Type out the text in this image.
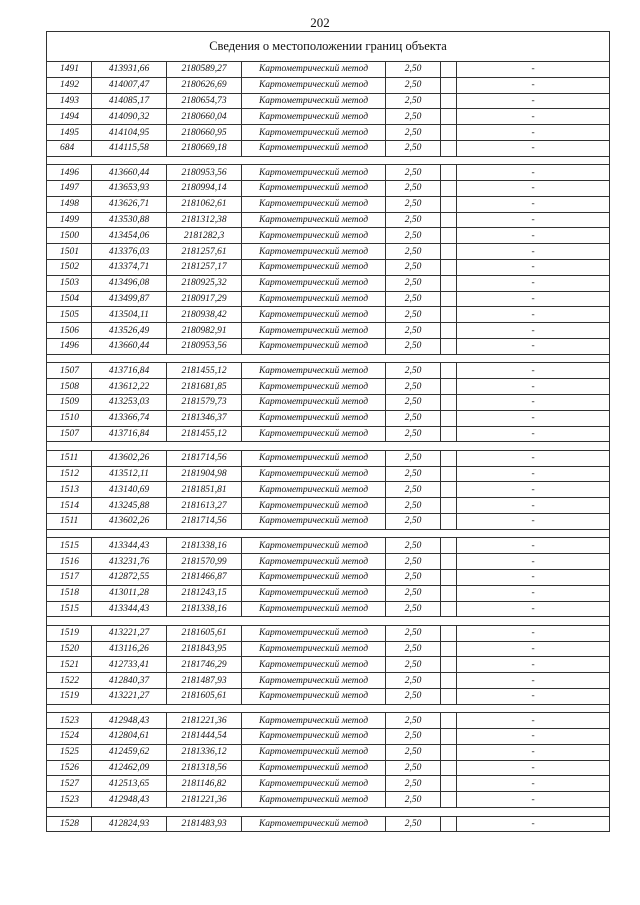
202
Сведения о местоположении границ объекта						
1491	413931,66	2180589,27	Картометрический метод	2,50		-
1492	414007,47	2180626,69	Картометрический метод	2,50		-
1493	414085,17	2180654,73	Картометрический метод	2,50		-
1494	414090,32	2180660,04	Картометрический метод	2,50		-
1495	414104,95	2180660,95	Картометрический метод	2,50		-
684	414115,58	2180669,18	Картометрический метод	2,50		-

1496	413660,44	2180953,56	Картометрический метод	2,50		-
1497	413653,93	2180994,14	Картометрический метод	2,50		-
1498	413626,71	2181062,61	Картометрический метод	2,50		-
1499	413530,88	2181312,38	Картометрический метод	2,50		-
1500	413454,06	2181282,3	Картометрический метод	2,50		-
1501	413376,03	2181257,61	Картометрический метод	2,50		-
1502	413374,71	2181257,17	Картометрический метод	2,50		-
1503	413496,08	2180925,32	Картометрический метод	2,50		-
1504	413499,87	2180917,29	Картометрический метод	2,50		-
1505	413504,11	2180938,42	Картометрический метод	2,50		-
1506	413526,49	2180982,91	Картометрический метод	2,50		-
1496	413660,44	2180953,56	Картометрический метод	2,50		-

1507	413716,84	2181455,12	Картометрический метод	2,50		-
1508	413612,22	2181681,85	Картометрический метод	2,50		-
1509	413253,03	2181579,73	Картометрический метод	2,50		-
1510	413366,74	2181346,37	Картометрический метод	2,50		-
1507	413716,84	2181455,12	Картометрический метод	2,50		-

1511	413602,26	2181714,56	Картометрический метод	2,50		-
1512	413512,11	2181904,98	Картометрический метод	2,50		-
1513	413140,69	2181851,81	Картометрический метод	2,50		-
1514	413245,88	2181613,27	Картометрический метод	2,50		-
1511	413602,26	2181714,56	Картометрический метод	2,50		-

1515	413344,43	2181338,16	Картометрический метод	2,50		-
1516	413231,76	2181570,99	Картометрический метод	2,50		-
1517	412872,55	2181466,87	Картометрический метод	2,50		-
1518	413011,28	2181243,15	Картометрический метод	2,50		-
1515	413344,43	2181338,16	Картометрический метод	2,50		-

1519	413221,27	2181605,61	Картометрический метод	2,50		-
1520	413116,26	2181843,95	Картометрический метод	2,50		-
1521	412733,41	2181746,29	Картометрический метод	2,50		-
1522	412840,37	2181487,93	Картометрический метод	2,50		-
1519	413221,27	2181605,61	Картометрический метод	2,50		-

1523	412948,43	2181221,36	Картометрический метод	2,50		-
1524	412804,61	2181444,54	Картометрический метод	2,50		-
1525	412459,62	2181336,12	Картометрический метод	2,50		-
1526	412462,09	2181318,56	Картометрический метод	2,50		-
1527	412513,65	2181146,82	Картометрический метод	2,50		-
1523	412948,43	2181221,36	Картометрический метод	2,50		-

1528	412824,93	2181483,93	Картометрический метод	2,50		-
